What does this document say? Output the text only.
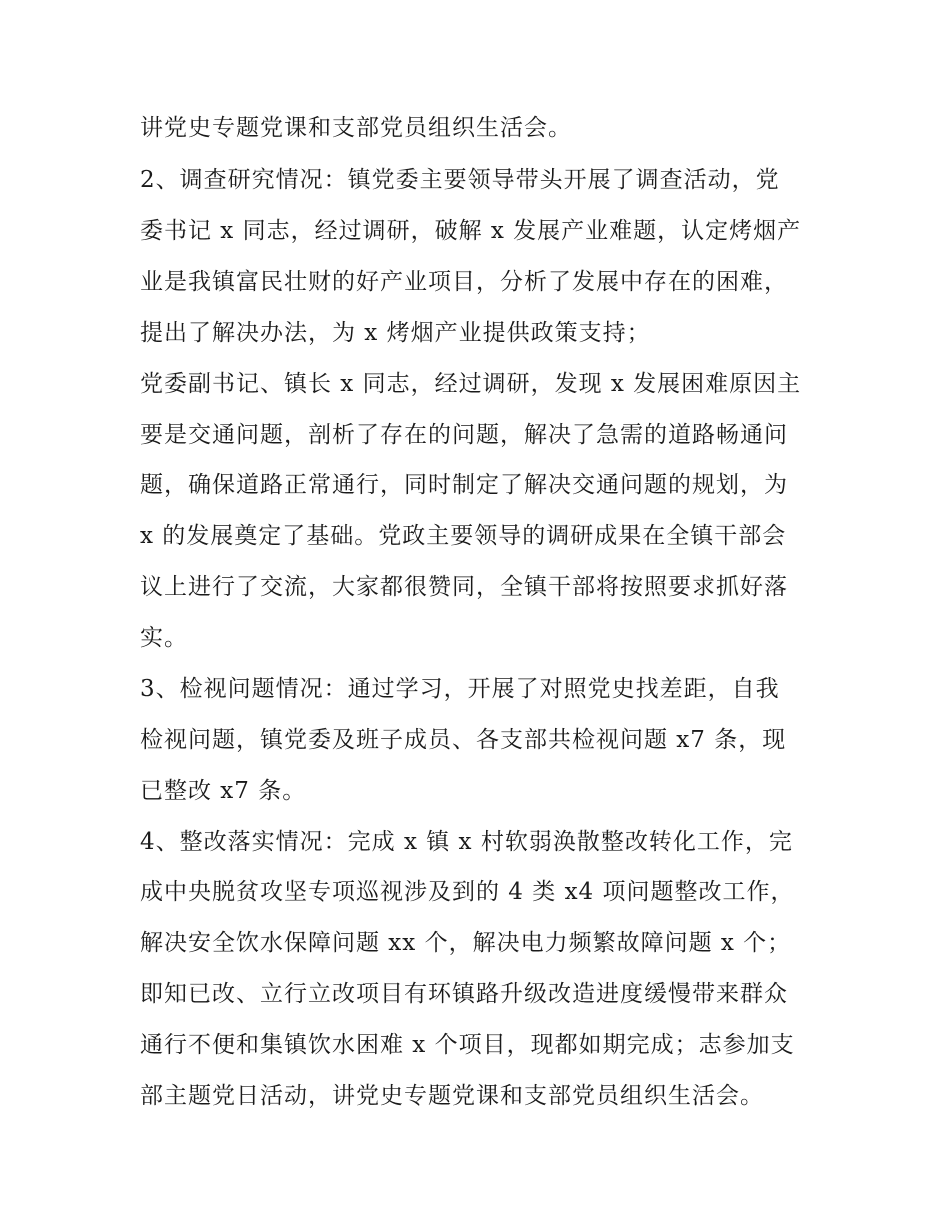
讲党史专题党课和支部党员组织生活会。
2、调查研究情况：镇党委主要领导带头开展了调查活动，党
委书记 x 同志，经过调研，破解 x 发展产业难题，认定烤烟产
业是我镇富民壮财的好产业项目，分析了发展中存在的困难，
提出了解决办法，为 x 烤烟产业提供政策支持；
党委副书记、镇长 x 同志，经过调研，发现 x 发展困难原因主
要是交通问题，剖析了存在的问题，解决了急需的道路畅通问
题，确保道路正常通行，同时制定了解决交通问题的规划，为
x 的发展奠定了基础。党政主要领导的调研成果在全镇干部会
议上进行了交流，大家都很赞同，全镇干部将按照要求抓好落
实。
3、检视问题情况：通过学习，开展了对照党史找差距，自我
检视问题，镇党委及班子成员、各支部共检视问题 x7 条，现
已整改 x7 条。
4、整改落实情况：完成 x 镇 x 村软弱涣散整改转化工作，完
成中央脱贫攻坚专项巡视涉及到的 4 类 x4 项问题整改工作，
解决安全饮水保障问题 xx 个，解决电力频繁故障问题 x 个；
即知已改、立行立改项目有环镇路升级改造进度缓慢带来群众
通行不便和集镇饮水困难 x 个项目，现都如期完成；志参加支
部主题党日活动，讲党史专题党课和支部党员组织生活会。
